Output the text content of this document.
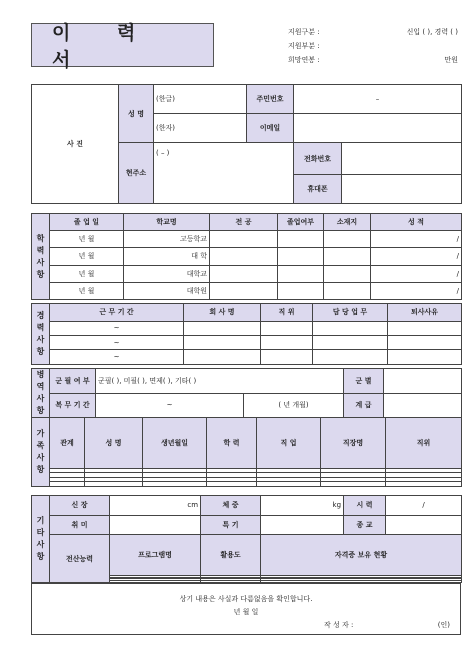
이 력 서
지원구분 :	신입 ( ), 경력 ( )
지원부분 :
희망연봉 :	만원
사 진	성 명	(한글)	주민번호	–	
		(한자)	이메일		
	현주소	( – )		전화번호	
				휴대폰	
학
력
사
항	졸 업 일	학교명	전 공	졸업여부	소재지	성 적
	년 월	고등학교				/
	년 월	대 학				/
	년 월	대학교				/
	년 월	대학원				/
경
력
사
항	근 무 기 간	회 사 명	직 위	담 당 업 무	퇴사사유
	~				
	~				
	~				
병
역
사
항	군 필 여 부	군필( ), 미필( ), 면제( ), 기타( )		군 별	
	복 무 기 간	~	( 년 개월)	계 급	
가
족
사
항	관계	성 명	생년월일	학 력	직 업	직장명	직위

기
타
사
항	신 장	cm	체 중	kg	시 력	/
	취 미		특 기		종 교	
	전산능력	프로그램명	활용도	자격증 보유 현황		

상기 내용은 사실과 다름없음을 확인합니다.
년 월 일
작 성 자 :	(인)
